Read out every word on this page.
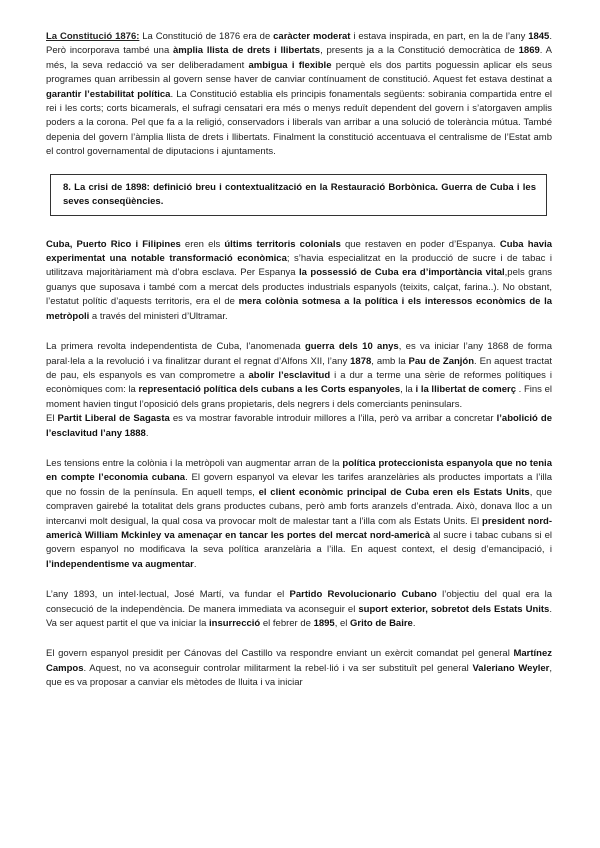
La Constitució 1876: La Constitució de 1876 era de caràcter moderat i estava inspirada, en part, en la de l’any 1845. Però incorporava també una àmplia llista de drets i llibertats, presents ja a la Constitució democràtica de 1869. A més, la seva redacció va ser deliberadament ambigua i flexible perquè els dos partits poguessin aplicar els seus programes quan arribessin al govern sense haver de canviar contínuament de constitució. Aquest fet estava destinat a garantir l’estabilitat política. La Constitució establia els principis fonamentals següents: sobirania compartida entre el rei i les corts; corts bicamerals, el sufragi censatari era més o menys reduït dependent del govern i s’atorgaven amplis poders a la corona. Pel que fa a la religió, conservadors i liberals van arribar a una solució de tolerància mútua. També depenia del govern l’àmplia llista de drets i llibertats. Finalment la constitució accentuava el centralisme de l’Estat amb el control governamental de diputacions i ajuntaments.

8. La crisi de 1898: definició breu i contextualització en la Restauració Borbònica. Guerra de Cuba i les seves conseqüències.

Cuba, Puerto Rico i Filipines eren els últims territoris colonials que restaven en poder d’Espanya. Cuba havia experimentat una notable transformació econòmica; s’havia especialitzat en la producció de sucre i de tabac i utilitzava majoritàriament mà d’obra esclava. Per Espanya la possessió de Cuba era d’importància vital,pels grans guanys que suposava i també com a mercat dels productes industrials espanyols (teixits, calçat, farina..). No obstant, l’estatut polític d’aquests territoris, era el de mera colònia sotmesa a la política i els interessos econòmics de la metròpoli a través del ministeri d’Ultramar.

La primera revolta independentista de Cuba, l’anomenada guerra dels 10 anys, es va iniciar l’any 1868 de forma paral·lela a la revolució i va finalitzar durant el regnat d’Alfons XII, l’any 1878, amb la Pau de Zanjón. En aquest tractat de pau, els espanyols es van comprometre a abolir l’esclavitud i a dur a terme una sèrie de reformes polítiques i econòmiques com: la representació política dels cubans a les Corts espanyoles, la i la llibertat de comerç . Fins el moment havien tingut l’oposició dels grans propietaris, dels negrers i dels comerciants peninsulars.

El Partit Liberal de Sagasta es va mostrar favorable introduir millores a l’illa, però va arribar a concretar l’abolició de l’esclavitud l’any 1888.

Les tensions entre la colònia i la metròpoli van augmentar arran de la política proteccionista espanyola que no tenia en compte l’economia cubana. El govern espanyol va elevar les tarifes aranzelàries als productes importats a l’illa que no fossin de la península. En aquell temps, el client econòmic principal de Cuba eren els Estats Units, que compraven gairebé la totalitat dels grans productes cubans, però amb forts aranzels d’entrada. Això, donava lloc a un intercanvi molt desigual, la qual cosa va provocar molt de malestar tant a l’illa com als Estats Units. El president nord-americà William Mckinley va amenaçar en tancar les portes del mercat nord-americà al sucre i tabac cubans si el govern espanyol no modificava la seva política aranzelària a l’illa. En aquest context, el desig d’emancipació, i l’independentisme va augmentar.

L’any 1893, un intel·lectual, José Martí, va fundar el Partido Revolucionario Cubano l’objectiu del qual era la consecució de la independència. De manera immediata va aconseguir el suport exterior, sobretot dels Estats Units. Va ser aquest partit el que va iniciar la insurrecció el febrer de 1895, el Grito de Baire.

El govern espanyol presidit per Cánovas del Castillo va respondre enviant un exèrcit comandat pel general Martínez Campos. Aquest, no va aconseguir controlar militarment la rebel·lió i va ser substituït pel general Valeriano Weyler, que es va proposar a canviar els mètodes de lluita i va iniciar
